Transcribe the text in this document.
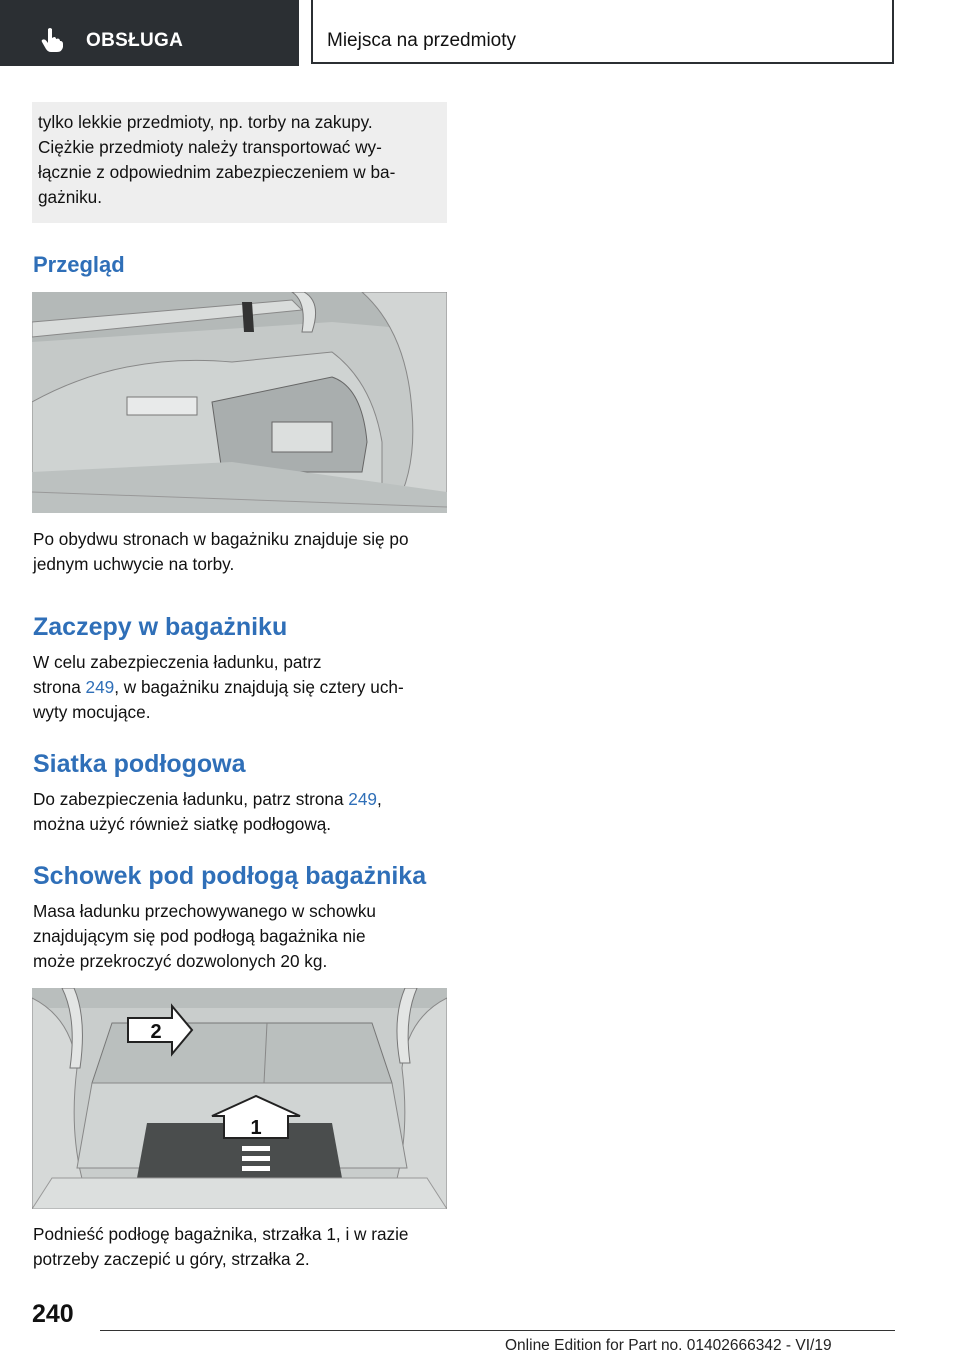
OBSŁUGA	Miejsca na przedmioty
tylko lekkie przedmioty, np. torby na zakupy.
Ciężkie przedmioty należy transportować wy-
łącznie z odpowiednim zabezpieczeniem w ba-
gażniku.
Przegląd
Po obydwu stronach w bagażniku znajduje się po
jednym uchwycie na torby.
Zaczepy w bagażniku
W celu zabezpieczenia ładunku, patrz
strona 249, w bagażniku znajdują się cztery uch-
wyty mocujące.
Siatka podłogowa
Do zabezpieczenia ładunku, patrz strona 249,
można użyć również siatkę podłogową.
Schowek pod podłogą bagażnika
Masa ładunku przechowywanego w schowku
znajdującym się pod podłogą bagażnika nie
może przekroczyć dozwolonych 20 kg.
1
2
Podnieść podłogę bagażnika, strzałka 1, i w razie
potrzeby zaczepić u góry, strzałka 2.
240
Online Edition for Part no. 01402666342 - VI/19
